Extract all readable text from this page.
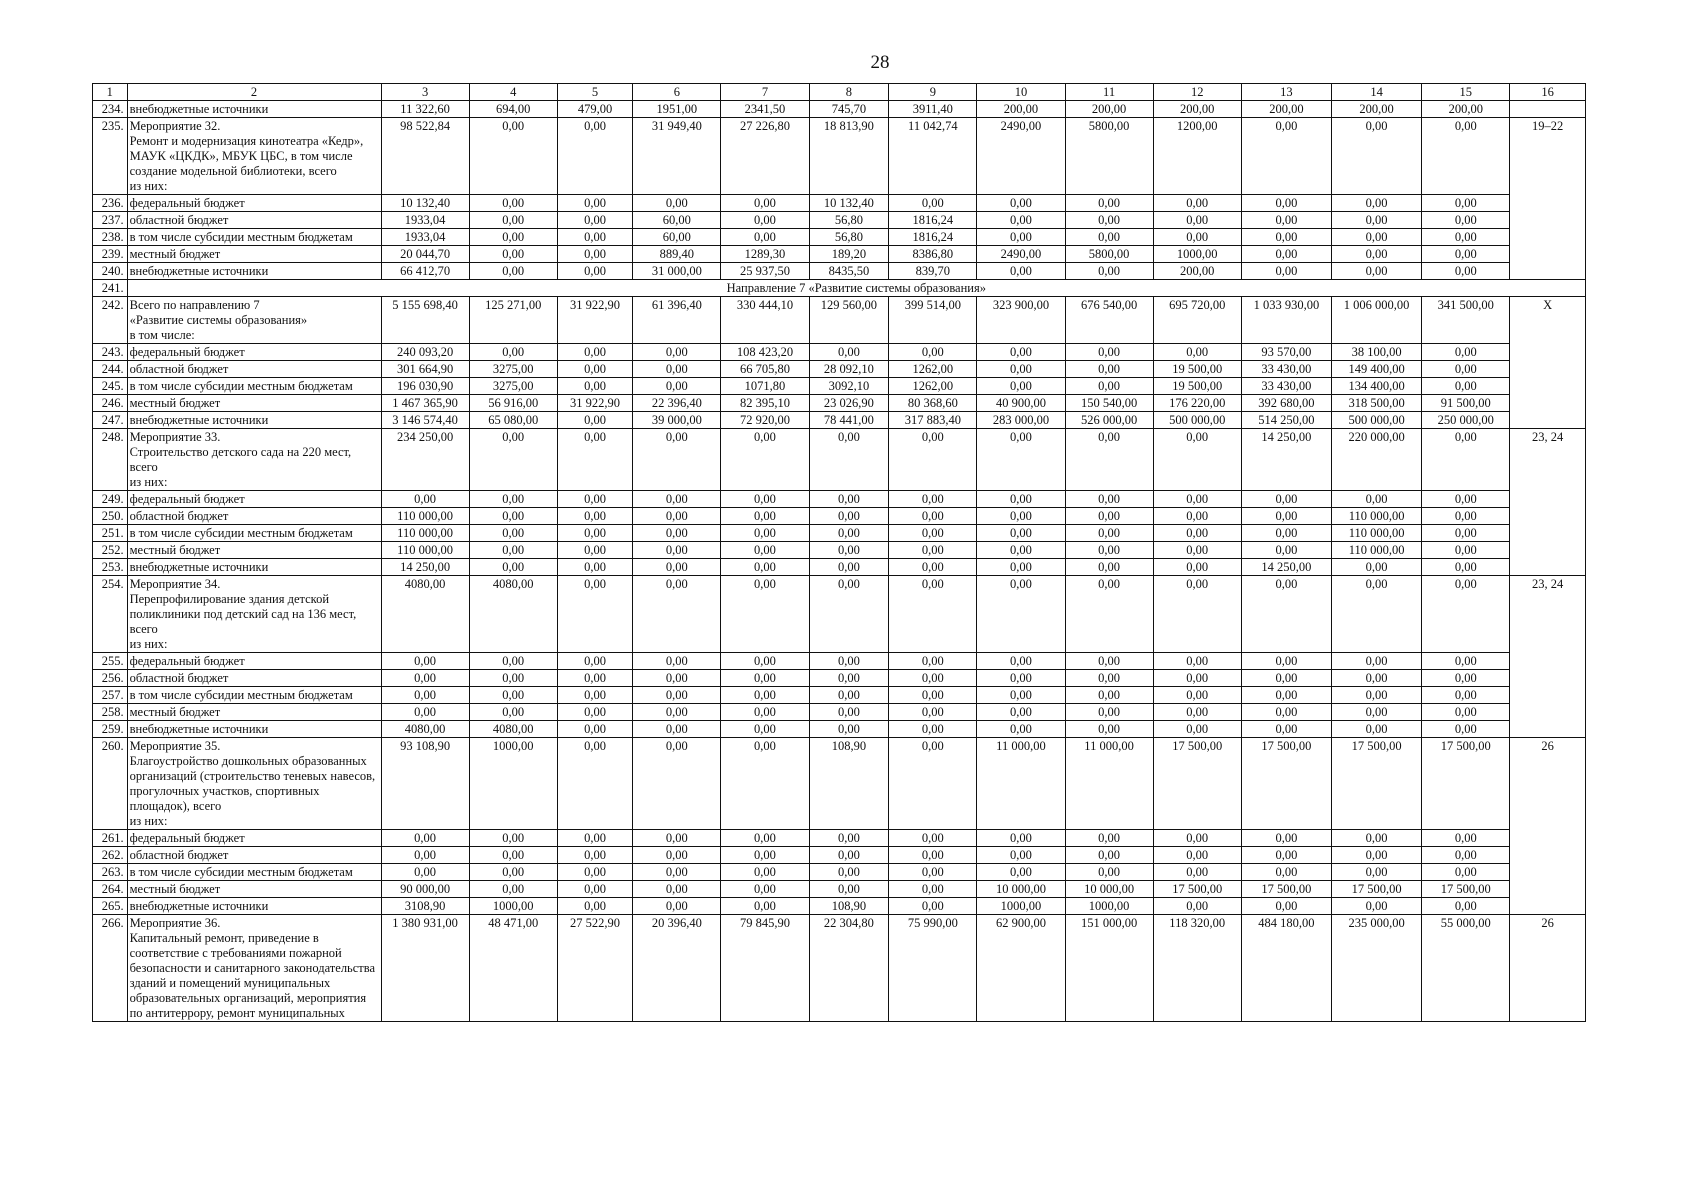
28
1	2	3	4	5	6	7	8	9	10	11	12	13	14	15	16
234.	внебюджетные источники	11 322,60	694,00	479,00	1951,00	2341,50	745,70	3911,40	200,00	200,00	200,00	200,00	200,00	200,00	
235.	Мероприятие 32.
Ремонт и модернизация кинотеатра «Кедр», МАУК «ЦКДК», МБУК ЦБС, в том числе создание модельной библиотеки, всего
из них:	98 522,84	0,00	0,00	31 949,40	27 226,80	18 813,90	11 042,74	2490,00	5800,00	1200,00	0,00	0,00	0,00	19–22
236.	федеральный бюджет	10 132,40	0,00	0,00	0,00	0,00	10 132,40	0,00	0,00	0,00	0,00	0,00	0,00	0,00	
237.	областной бюджет	1933,04	0,00	0,00	60,00	0,00	56,80	1816,24	0,00	0,00	0,00	0,00	0,00	0,00	
238.	в том числе субсидии местным бюджетам	1933,04	0,00	0,00	60,00	0,00	56,80	1816,24	0,00	0,00	0,00	0,00	0,00	0,00	
239.	местный бюджет	20 044,70	0,00	0,00	889,40	1289,30	189,20	8386,80	2490,00	5800,00	1000,00	0,00	0,00	0,00	
240.	внебюджетные источники	66 412,70	0,00	0,00	31 000,00	25 937,50	8435,50	839,70	0,00	0,00	200,00	0,00	0,00	0,00	
241.	Направление 7 «Развитие системы образования»														
242.	Всего по направлению 7
«Развитие системы образования»
в том числе:	5 155 698,40	125 271,00	31 922,90	61 396,40	330 444,10	129 560,00	399 514,00	323 900,00	676 540,00	695 720,00	1 033 930,00	1 006 000,00	341 500,00	X
243.	федеральный бюджет	240 093,20	0,00	0,00	0,00	108 423,20	0,00	0,00	0,00	0,00	0,00	93 570,00	38 100,00	0,00	
244.	областной бюджет	301 664,90	3275,00	0,00	0,00	66 705,80	28 092,10	1262,00	0,00	0,00	19 500,00	33 430,00	149 400,00	0,00	
245.	в том числе субсидии местным бюджетам	196 030,90	3275,00	0,00	0,00	1071,80	3092,10	1262,00	0,00	0,00	19 500,00	33 430,00	134 400,00	0,00	
246.	местный бюджет	1 467 365,90	56 916,00	31 922,90	22 396,40	82 395,10	23 026,90	80 368,60	40 900,00	150 540,00	176 220,00	392 680,00	318 500,00	91 500,00	
247.	внебюджетные источники	3 146 574,40	65 080,00	0,00	39 000,00	72 920,00	78 441,00	317 883,40	283 000,00	526 000,00	500 000,00	514 250,00	500 000,00	250 000,00	
248.	Мероприятие 33.
Строительство детского сада на 220 мест, всего
из них:	234 250,00	0,00	0,00	0,00	0,00	0,00	0,00	0,00	0,00	0,00	14 250,00	220 000,00	0,00	23, 24
249.	федеральный бюджет	0,00	0,00	0,00	0,00	0,00	0,00	0,00	0,00	0,00	0,00	0,00	0,00	0,00	
250.	областной бюджет	110 000,00	0,00	0,00	0,00	0,00	0,00	0,00	0,00	0,00	0,00	0,00	110 000,00	0,00	
251.	в том числе субсидии местным бюджетам	110 000,00	0,00	0,00	0,00	0,00	0,00	0,00	0,00	0,00	0,00	0,00	110 000,00	0,00	
252.	местный бюджет	110 000,00	0,00	0,00	0,00	0,00	0,00	0,00	0,00	0,00	0,00	0,00	110 000,00	0,00	
253.	внебюджетные источники	14 250,00	0,00	0,00	0,00	0,00	0,00	0,00	0,00	0,00	0,00	14 250,00	0,00	0,00	
254.	Мероприятие 34.
Перепрофилирование здания детской поликлиники под детский сад на 136 мест, всего
из них:	4080,00	4080,00	0,00	0,00	0,00	0,00	0,00	0,00	0,00	0,00	0,00	0,00	0,00	23, 24
255.	федеральный бюджет	0,00	0,00	0,00	0,00	0,00	0,00	0,00	0,00	0,00	0,00	0,00	0,00	0,00	
256.	областной бюджет	0,00	0,00	0,00	0,00	0,00	0,00	0,00	0,00	0,00	0,00	0,00	0,00	0,00	
257.	в том числе субсидии местным бюджетам	0,00	0,00	0,00	0,00	0,00	0,00	0,00	0,00	0,00	0,00	0,00	0,00	0,00	
258.	местный бюджет	0,00	0,00	0,00	0,00	0,00	0,00	0,00	0,00	0,00	0,00	0,00	0,00	0,00	
259.	внебюджетные источники	4080,00	4080,00	0,00	0,00	0,00	0,00	0,00	0,00	0,00	0,00	0,00	0,00	0,00	
260.	Мероприятие 35.
Благоустройство дошкольных образованных организаций (строительство теневых навесов, прогулочных участков, спортивных площадок), всего
из них:	93 108,90	1000,00	0,00	0,00	0,00	108,90	0,00	11 000,00	11 000,00	17 500,00	17 500,00	17 500,00	17 500,00	26
261.	федеральный бюджет	0,00	0,00	0,00	0,00	0,00	0,00	0,00	0,00	0,00	0,00	0,00	0,00	0,00	
262.	областной бюджет	0,00	0,00	0,00	0,00	0,00	0,00	0,00	0,00	0,00	0,00	0,00	0,00	0,00	
263.	в том числе субсидии местным бюджетам	0,00	0,00	0,00	0,00	0,00	0,00	0,00	0,00	0,00	0,00	0,00	0,00	0,00	
264.	местный бюджет	90 000,00	0,00	0,00	0,00	0,00	0,00	0,00	10 000,00	10 000,00	17 500,00	17 500,00	17 500,00	17 500,00	
265.	внебюджетные источники	3108,90	1000,00	0,00	0,00	0,00	108,90	0,00	1000,00	1000,00	0,00	0,00	0,00	0,00	
266.	Мероприятие 36.
Капитальный ремонт, приведение в соответствие с требованиями пожарной безопасности и санитарного законодательства зданий и помещений муниципальных образовательных организаций, мероприятия по антитеррору, ремонт муниципальных	1 380 931,00	48 471,00	27 522,90	20 396,40	79 845,90	22 304,80	75 990,00	62 900,00	151 000,00	118 320,00	484 180,00	235 000,00	55 000,00	26
